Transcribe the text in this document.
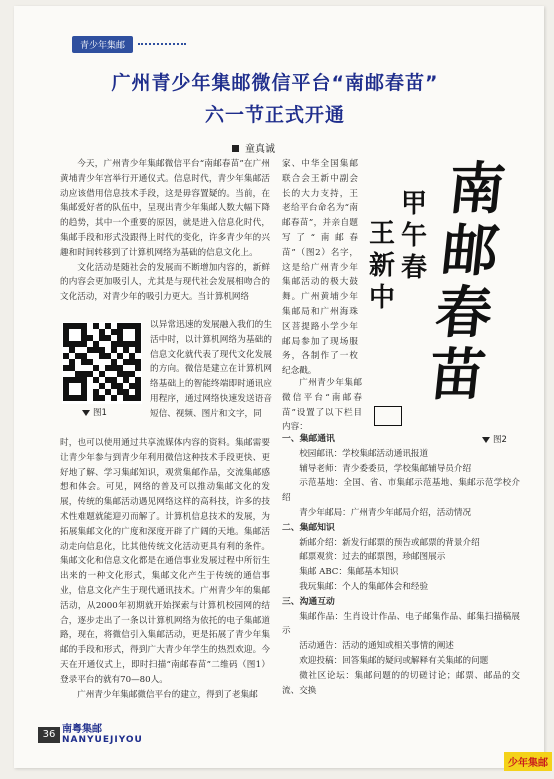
青少年集邮
广州青少年集邮微信平台“南邮春苗”
六一节正式开通
童真诚

今天，广州青少年集邮微信平台“南邮春苗”在广州黄埔青少年宫举行开通仪式。信息时代，青少年集邮活动应该借用信息技术手段，这是毋容置疑的。当前，在集邮爱好者的队伍中，呈现出青少年集邮人数大幅下降的趋势，其中一个重要的原因，就是进入信息化时代，集邮手段和形式没跟得上时代的变化，许多青少年的兴趣和时间转移到了计算机网络为基础的信息文化上。

文化活动是随社会的发展而不断增加内容的，新鲜的内容会更加吸引人，尤其是与现代社会发展相吻合的文化活动，对青少年的吸引力更大。当计算机网络

图1

以异常迅速的发展融入我们的生活中时，以计算机网络为基础的信息文化就代表了现代文化发展的方向。微信是建立在计算机网络基础上的智能终端即时通讯应用程序，通过网络快速发送语音短信、视频、图片和文字，同

时，也可以使用通过共享流媒体内容的资料。集邮需要让青少年参与到青少年利用微信这种技术手段更快、更好地了解、学习集邮知识，观赏集邮作品，交流集邮感想和体会。可见，网络的普及可以推动集邮文化的发展，传统的集邮活动遇见网络这样的高科技，许多的技术性难题就能迎刃而解了。计算机信息技术的发展，为拓展集邮文化的广度和深度开辟了广阔的天地。集邮活动走向信息化，比其他传统文化活动更具有利的条件。集邮文化和信息文化都是在通信事业发展过程中所衍生出来的一种文化形式，集邮文化产生于传统的通信事业，信息文化产生于现代通讯技术。广州青少年的集邮活动，从2000年初期就开始探索与计算机校园网的结合，逐步走出了一条以计算机网络为依托的电子集邮道路，现在，将微信引入集邮活动，更是拓展了青少年集邮的手段和形式，得到广大青少年学生的热烈欢迎。今天在开通仪式上，即时扫描“南邮春苗”二维码（图1）登录平台的就有70—80人。

广州青少年集邮微信平台的建立，得到了老集邮

家、中华全国集邮联合会王新中副会长的大力支持，王老给平台命名为“南邮春苗”，并亲自题写了“南邮春苗”（图2）名字，这是给广州青少年集邮活动的极大鼓舞。广州黄埔少年集邮局和广州海珠区菩提路小学少年邮局参加了现场服务，各制作了一枚纪念戳。

南邮春苗
甲午春
王新中
图2

广州青少年集邮微信平台“南邮春苗”设置了以下栏目内容：

一、集邮通讯

校园邮讯：学校集邮活动通讯报道

辅导老师：青少委委员，学校集邮辅导员介绍

示范基地：全国、省、市集邮示范基地、集邮示范学校介绍

青少年邮局：广州青少年邮局介绍，活动情况

二、集邮知识

新邮介绍：新发行邮票的预告或邮票的背景介绍

邮票观赏：过去的邮票图，珍邮图展示

集邮 ABC：集邮基本知识

我玩集邮：个人的集邮体会和经验

三、沟通互动

集邮作品：生肖设计作品、电子邮集作品、邮集扫描稿展示

活动通告：活动的通知或相关事情的阐述

欢迎投稿：回答集邮的疑问或解释有关集邮的问题

微社区论坛：集邮问题的的切磋讨论；邮票、邮品的交流、交换

36 南粤集邮
NANYUEJIYOU
少年集邮
